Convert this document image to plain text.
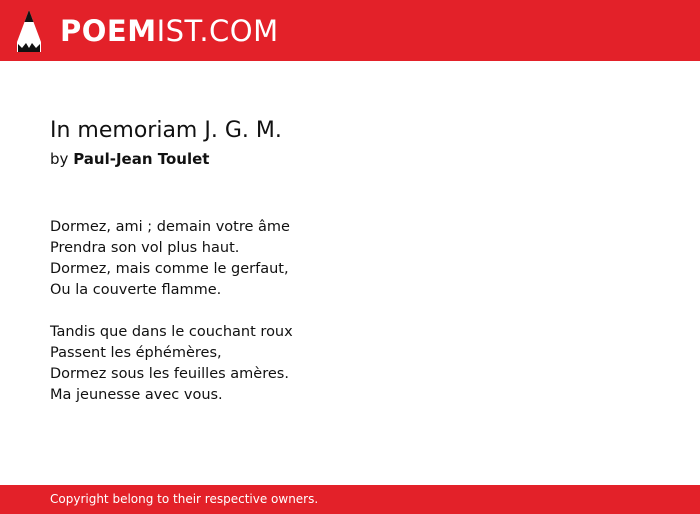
POEMIST.COM
In memoriam J. G. M.
by Paul-Jean Toulet

Dormez, ami ; demain votre âme
Prendra son vol plus haut.
Dormez, mais comme le gerfaut,
Ou la couverte flamme.

Tandis que dans le couchant roux
Passent les éphémères,
Dormez sous les feuilles amères.
Ma jeunesse avec vous.

Copyright belong to their respective owners.
